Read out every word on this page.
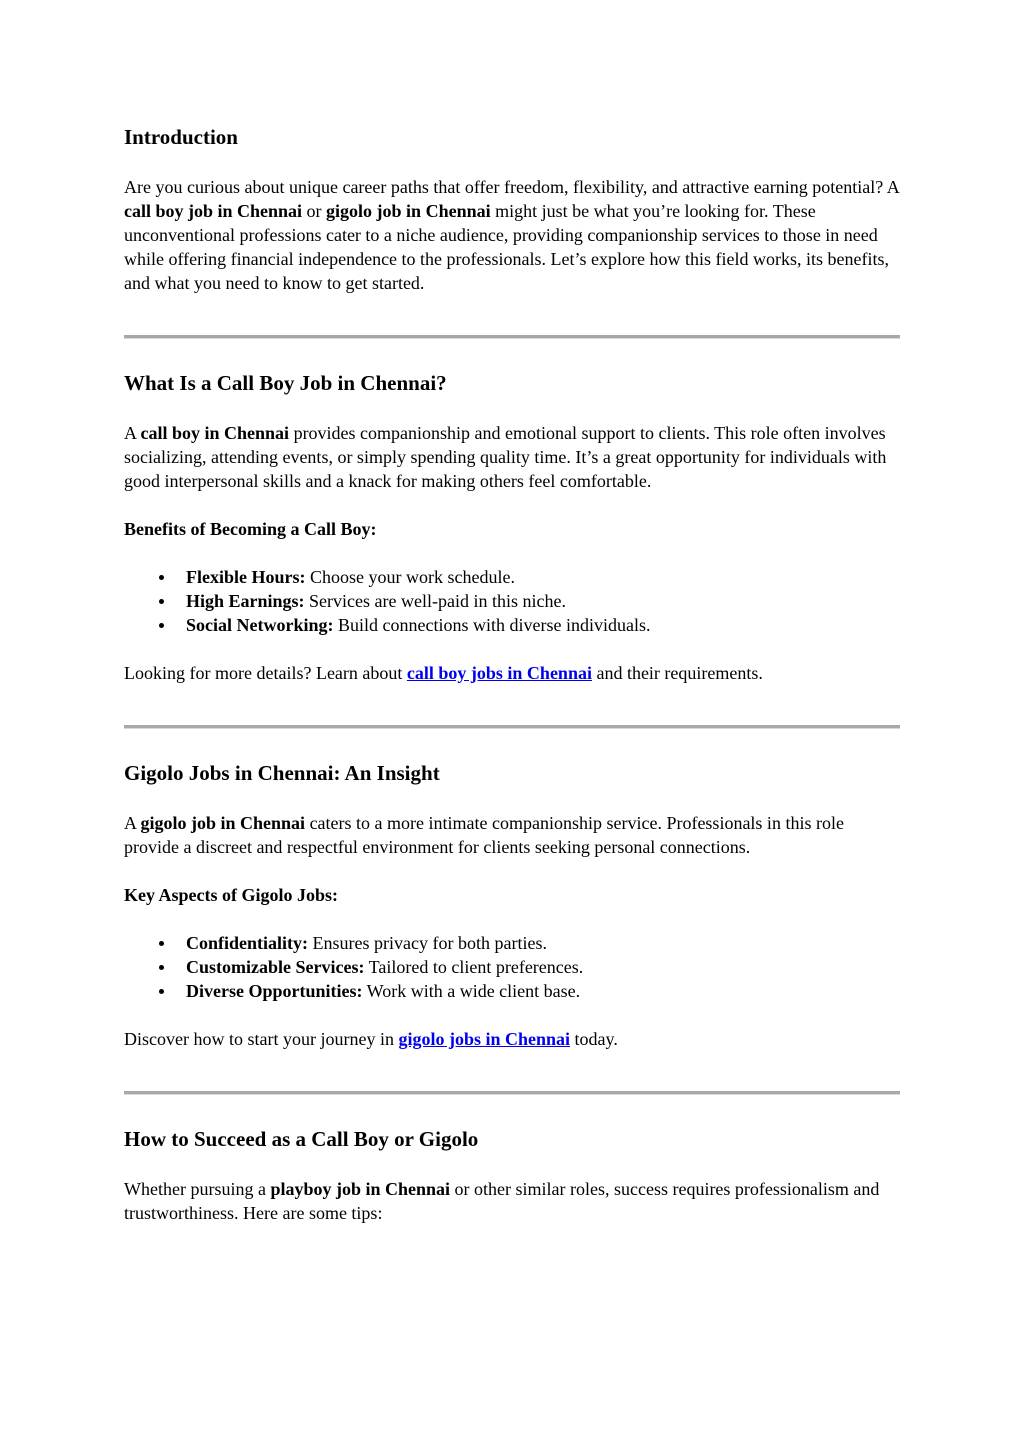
Introduction

Are you curious about unique career paths that offer freedom, flexibility, and attractive earning potential? A call boy job in Chennai or gigolo job in Chennai might just be what you’re looking for. These unconventional professions cater to a niche audience, providing companionship services to those in need while offering financial independence to the professionals. Let’s explore how this field works, its benefits, and what you need to know to get started.

What Is a Call Boy Job in Chennai?

A call boy in Chennai provides companionship and emotional support to clients. This role often involves socializing, attending events, or simply spending quality time. It’s a great opportunity for individuals with good interpersonal skills and a knack for making others feel comfortable.

Benefits of Becoming a Call Boy:

Flexible Hours: Choose your work schedule.
High Earnings: Services are well-paid in this niche.
Social Networking: Build connections with diverse individuals.

Looking for more details? Learn about call boy jobs in Chennai and their requirements.

Gigolo Jobs in Chennai: An Insight

A gigolo job in Chennai caters to a more intimate companionship service. Professionals in this role provide a discreet and respectful environment for clients seeking personal connections.

Key Aspects of Gigolo Jobs:

Confidentiality: Ensures privacy for both parties.
Customizable Services: Tailored to client preferences.
Diverse Opportunities: Work with a wide client base.

Discover how to start your journey in gigolo jobs in Chennai today.

How to Succeed as a Call Boy or Gigolo

Whether pursuing a playboy job in Chennai or other similar roles, success requires professionalism and trustworthiness. Here are some tips:
